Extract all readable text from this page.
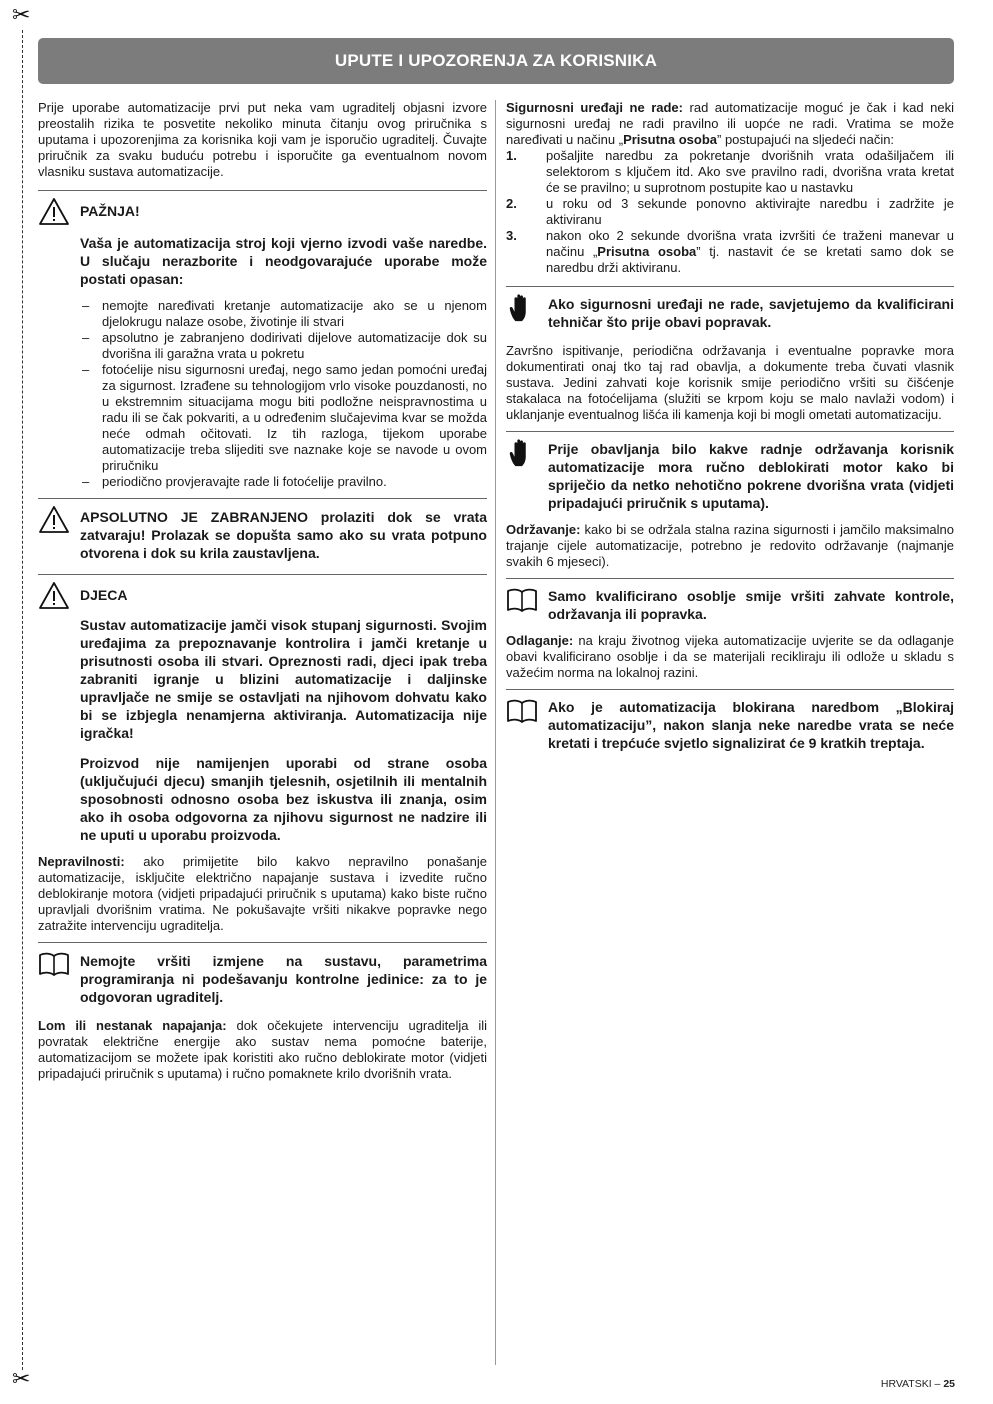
✂
✂
UPUTE I UPOZORENJA ZA KORISNIKA

Prije uporabe automatizacije prvi put neka vam ugraditelj objasni izvore preostalih rizika te posvetite nekoliko minuta čitanju ovog priručnika s uputama i upozorenjima za korisnika koji vam je isporučio ugraditelj. Čuvajte priručnik za svaku buduću potrebu i isporučite ga eventualnom novom vlasniku sustava automatizacije.

PAŽNJA!
Vaša je automatizacija stroj koji vjerno izvodi vaše naredbe. U slučaju nerazborite i neodgovarajuće uporabe može postati opasan:
– nemojte naređivati kretanje automatizacije ako se u njenom djelokrugu nalaze osobe, životinje ili stvari
– apsolutno je zabranjeno dodirivati dijelove automatizacije dok su dvorišna ili garažna vrata u pokretu
– fotoćelije nisu sigurnosni uređaj, nego samo jedan pomoćni uređaj za sigurnost. Izrađene su tehnologijom vrlo visoke pouzdanosti, no u ekstremnim situacijama mogu biti podložne neispravnostima u radu ili se čak pokvariti, a u određenim slučajevima kvar se možda neće odmah očitovati. Iz tih razloga, tijekom uporabe automatizacije treba slijediti sve naznake koje se navode u ovom priručniku
– periodično provjeravajte rade li fotoćelije pravilno.
APSOLUTNO JE ZABRANJENO prolaziti dok se vrata zatvaraju! Prolazak se dopušta samo ako su vrata potpuno otvorena i dok su krila zaustavljena.
DJECA
Sustav automatizacije jamči visok stupanj sigurnosti. Svojim uređajima za prepoznavanje kontrolira i jamči kretanje u prisutnosti osoba ili stvari. Opreznosti radi, djeci ipak treba zabraniti igranje u blizini automatizacije i daljinske upravljače ne smije se ostavljati na njihovom dohvatu kako bi se izbjegla nenamjerna aktiviranja. Automatizacija nije igračka!
Proizvod nije namijenjen uporabi od strane osoba (uključujući djecu) smanjih tjelesnih, osjetilnih ili mentalnih sposobnosti odnosno osoba bez iskustva ili znanja, osim ako ih osoba odgovorna za njihovu sigurnost ne nadzire ili ne uputi u uporabu proizvoda.

Nepravilnosti: ako primijetite bilo kakvo nepravilno ponašanje automatizacije, isključite električno napajanje sustava i izvedite ručno deblokiranje motora (vidjeti pripadajući priručnik s uputama) kako biste ručno upravljali dvorišnim vratima. Ne pokušavajte vršiti nikakve popravke nego zatražite intervenciju ugraditelja.

Nemojte vršiti izmjene na sustavu, parametrima programiranja ni podešavanju kontrolne jedinice: za to je odgovoran ugraditelj.

Lom ili nestanak napajanja: dok očekujete intervenciju ugraditelja ili povratak električne energije ako sustav nema pomoćne baterije, automatizacijom se možete ipak koristiti ako ručno deblokirate motor (vidjeti pripadajući priručnik s uputama) i ručno pomaknete krilo dvorišnih vrata.

Sigurnosni uređaji ne rade: rad automatizacije moguć je čak i kad neki sigurnosni uređaj ne radi pravilno ili uopće ne radi. Vratima se može naređivati u načinu „Prisutna osoba” postupajući na sljedeći način:

1.	pošaljite naredbu za pokretanje dvorišnih vrata odašiljačem ili selektorom s ključem itd. Ako sve pravilno radi, dvorišna vrata kretat će se pravilno; u suprotnom postupite kao u nastavku
2.	u roku od 3 sekunde ponovno aktivirajte naredbu i zadržite je aktiviranu
3.	nakon oko 2 sekunde dvorišna vrata izvršiti će traženi manevar u načinu „Prisutna osoba” tj. nastavit će se kretati samo dok se naredbu drži aktiviranu.
Ako sigurnosni uređaji ne rade, savjetujemo da kvalificirani tehničar što prije obavi popravak.

Završno ispitivanje, periodična održavanja i eventualne popravke mora dokumentirati onaj tko taj rad obavlja, a dokumente treba čuvati vlasnik sustava. Jedini zahvati koje korisnik smije periodično vršiti su čišćenje stakalaca na fotoćelijama (služiti se krpom koju se malo navlaži vodom) i uklanjanje eventualnog lišća ili kamenja koji bi mogli ometati automatizaciju.

Prije obavljanja bilo kakve radnje održavanja korisnik automatizacije mora ručno deblokirati motor kako bi spriječio da netko nehotično pokrene dvorišna vrata (vidjeti pripadajući priručnik s uputama).

Održavanje: kako bi se održala stalna razina sigurnosti i jamčilo maksimalno trajanje cijele automatizacije, potrebno je redovito održavanje (najmanje svakih 6 mjeseci).

Samo kvalificirano osoblje smije vršiti zahvate kontrole, održavanja ili popravka.

Odlaganje: na kraju životnog vijeka automatizacije uvjerite se da odlaganje obavi kvalificirano osoblje i da se materijali recikliraju ili odlože u skladu s važećim norma na lokalnoj razini.

Ako je automatizacija blokirana naredbom „Blokiraj automatizaciju”, nakon slanja neke naredbe vrata se neće kretati i trepćuće svjetlo signalizirat će 9 kratkih treptaja.
HRVATSKI – 25
